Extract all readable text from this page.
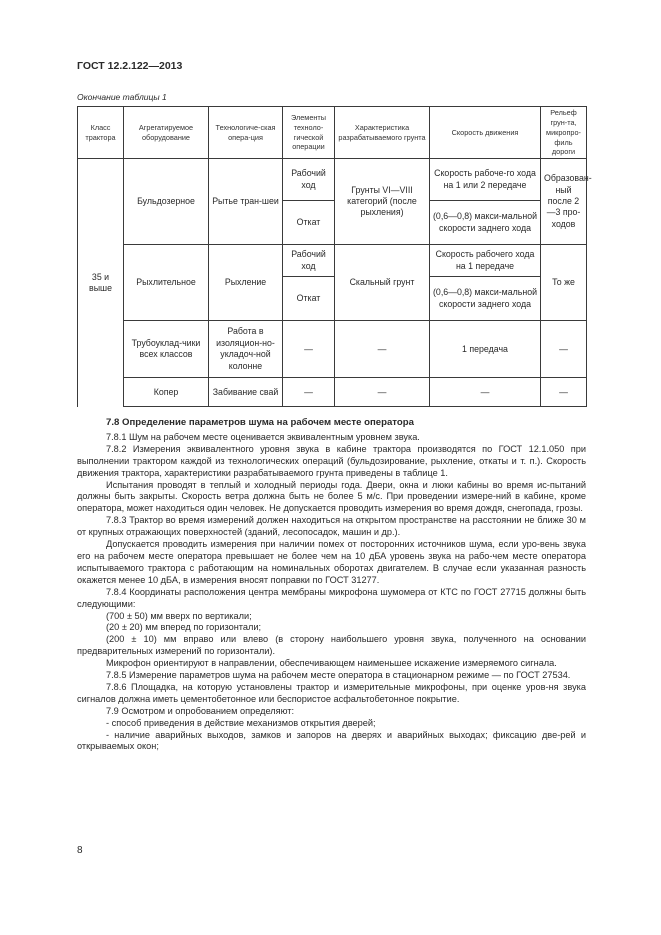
ГОСТ 12.2.122—2013
Окончание таблицы 1
Класс трактора	Агрегатируемое оборудование	Технологиче-ская опера-ция	Элементы техноло-гической операции	Характеристика разрабатываемого грунта	Скорость движения	Рельеф грун-та, микропро-филь дороги
35 и выше	Бульдозерное	Рытье тран-шеи	Рабочий ход	Грунты VI—VIII категорий (после рыхления)	Скорость рабоче-го хода на 1 или 2 передаче	Образован-ный после 2—3 про-ходов
			Откат		(0,6—0,8) макси-мальной скорости заднего хода	
	Рыхлительное	Рыхление	Рабочий ход	Скальный грунт	Скорость рабочего хода на 1 передаче	То же
			Откат		(0,6—0,8) макси-мальной скорости заднего хода	
	Трубоуклад-чики всех классов	Работа в изоляцион-но-укладоч-ной колонне	—	—	1 передача	—
	Копер	Забивание свай	—	—	—	—

7.8 Определение параметров шума на рабочем месте оператора

7.8.1 Шум на рабочем месте оценивается эквивалентным уровнем звука.

7.8.2 Измерения эквивалентного уровня звука в кабине трактора производятся по ГОСТ 12.1.050 при выполнении трактором каждой из технологических операций (бульдозирование, рыхление, откаты и т. п.). Скорость движения трактора, характеристики разрабатываемого грунта приведены в таблице 1.

Испытания проводят в теплый и холодный периоды года. Двери, окна и люки кабины во время ис-пытаний должны быть закрыты. Скорость ветра должна быть не более 5 м/с. При проведении измере-ний в кабине, кроме оператора, может находиться один человек. Не допускается проводить измерения во время дождя, снегопада, грозы.

7.8.3 Трактор во время измерений должен находиться на открытом пространстве на расстоянии не ближе 30 м от крупных отражающих поверхностей (зданий, лесопосадок, машин и др.).

Допускается проводить измерения при наличии помех от посторонних источников шума, если уро-вень звука его на рабочем месте оператора превышает не более чем на 10 дБА уровень звука на рабо-чем месте оператора испытываемого трактора с работающим на номинальных оборотах двигателем. В случае если указанная разность окажется менее 10 дБА, в измерения вносят поправки по ГОСТ 31277.

7.8.4 Координаты расположения центра мембраны микрофона шумомера от КТС по ГОСТ 27715 должны быть следующими:

(700 ± 50) мм вверх по вертикали;

(20 ± 20) мм вперед по горизонтали;

(200 ± 10) мм вправо или влево (в сторону наибольшего уровня звука, полученного на основании предварительных измерений по горизонтали).

Микрофон ориентируют в направлении, обеспечивающем наименьшее искажение измеряемого сигнала.

7.8.5 Измерение параметров шума на рабочем месте оператора в стационарном режиме — по ГОСТ 27534.

7.8.6 Площадка, на которую установлены трактор и измерительные микрофоны, при оценке уров-ня звука сигналов должна иметь цементобетонное или беспористое асфальтобетонное покрытие.

7.9 Осмотром и опробованием определяют:

- способ приведения в действие механизмов открытия дверей;

- наличие аварийных выходов, замков и запоров на дверях и аварийных выходах; фиксацию две-рей и открываемых окон;

8
